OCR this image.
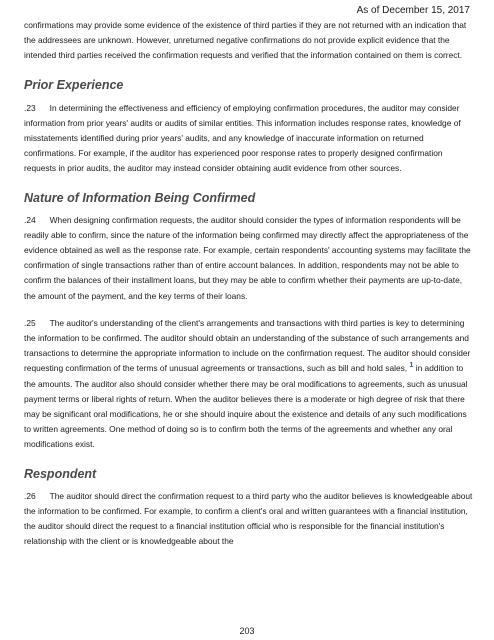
As of December 15, 2017

confirmations may provide some evidence of the existence of third parties if they are not returned with an indication that the addressees are unknown. However, unreturned negative confirmations do not provide explicit evidence that the intended third parties received the confirmation requests and verified that the information contained on them is correct.

Prior Experience

.23 In determining the effectiveness and efficiency of employing confirmation procedures, the auditor may consider information from prior years' audits or audits of similar entities. This information includes response rates, knowledge of misstatements identified during prior years' audits, and any knowledge of inaccurate information on returned confirmations. For example, if the auditor has experienced poor response rates to properly designed confirmation requests in prior audits, the auditor may instead consider obtaining audit evidence from other sources.

Nature of Information Being Confirmed

.24 When designing confirmation requests, the auditor should consider the types of information respondents will be readily able to confirm, since the nature of the information being confirmed may directly affect the appropriateness of the evidence obtained as well as the response rate. For example, certain respondents' accounting systems may facilitate the confirmation of single transactions rather than of entire account balances. In addition, respondents may not be able to confirm the balances of their installment loans, but they may be able to confirm whether their payments are up-to-date, the amount of the payment, and the key terms of their loans.

.25 The auditor's understanding of the client's arrangements and transactions with third parties is key to determining the information to be confirmed. The auditor should obtain an understanding of the substance of such arrangements and transactions to determine the appropriate information to include on the confirmation request. The auditor should consider requesting confirmation of the terms of unusual agreements or transactions, such as bill and hold sales, $^1$ in addition to the amounts. The auditor also should consider whether there may be oral modifications to agreements, such as unusual payment terms or liberal rights of return. When the auditor believes there is a moderate or high degree of risk that there may be significant oral modifications, he or she should inquire about the existence and details of any such modifications to written agreements. One method of doing so is to confirm both the terms of the agreements and whether any oral modifications exist.

Respondent

.26 The auditor should direct the confirmation request to a third party who the auditor believes is knowledgeable about the information to be confirmed. For example, to confirm a client's oral and written guarantees with a financial institution, the auditor should direct the request to a financial institution official who is responsible for the financial institution's relationship with the client or is knowledgeable about the

203
